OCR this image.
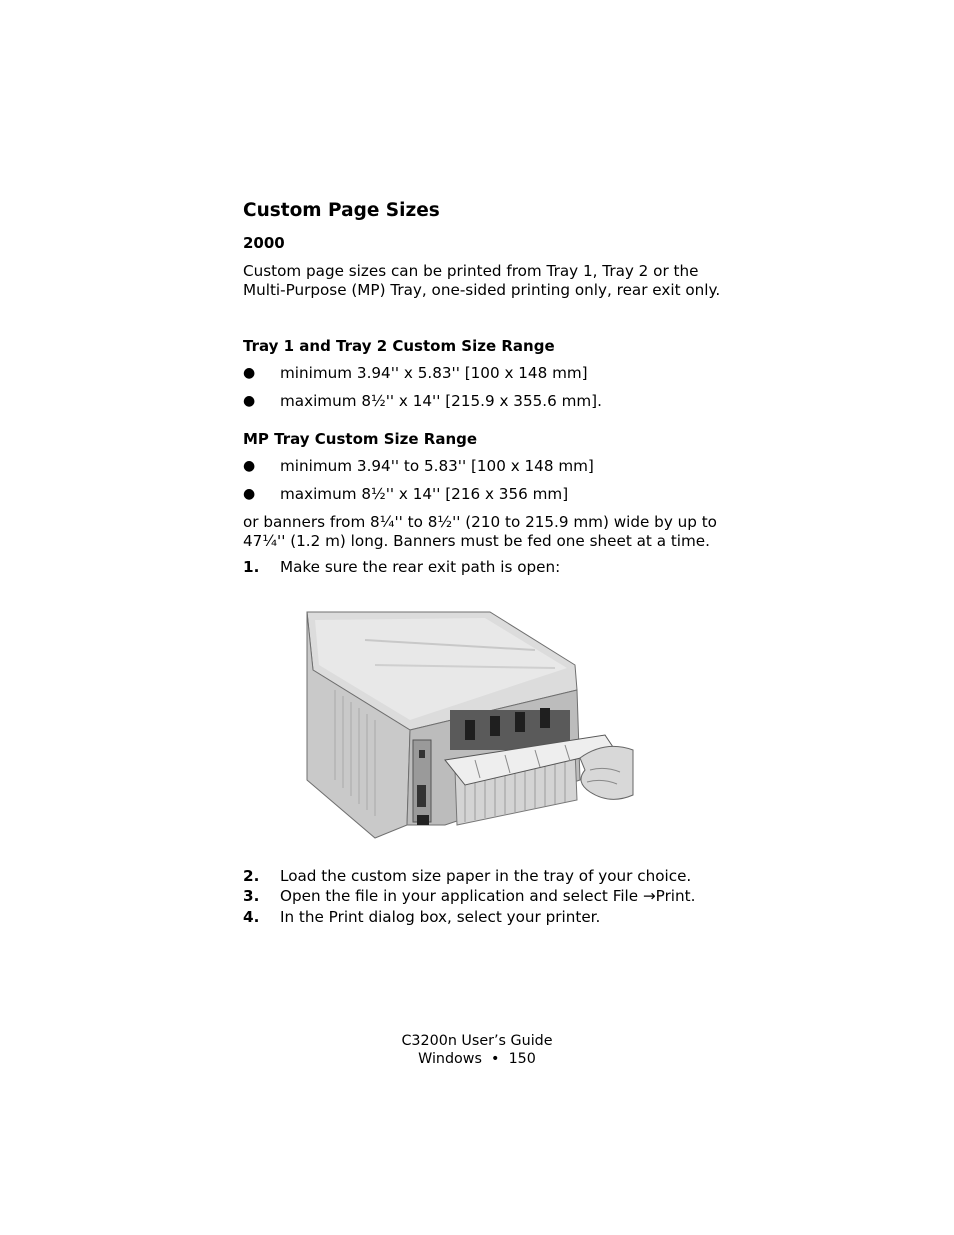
Custom Page Sizes
2000

Custom page sizes can be printed from Tray 1, Tray 2 or the Multi-Purpose (MP) Tray, one-sided printing only, rear exit only.

Tray 1 and Tray 2 Custom Size Range
●	minimum 3.94'' x 5.83'' [100 x 148 mm]
●	maximum 8½'' x 14'' [215.9 x 355.6 mm].
MP Tray Custom Size Range
●	minimum 3.94'' to 5.83'' [100 x 148 mm]
●	maximum 8½'' x 14'' [216 x 356 mm]

or banners from 8¼'' to 8½'' (210 to 215.9 mm) wide by up to 47¼'' (1.2 m) long. Banners must be fed one sheet at a time.

1. Make sure the rear exit path is open:
2. Load the custom size paper in the tray of your choice.
3. Open the file in your application and select File →Print.
4. In the Print dialog box, select your printer.
C3200n User’s Guide
Windows • 150
